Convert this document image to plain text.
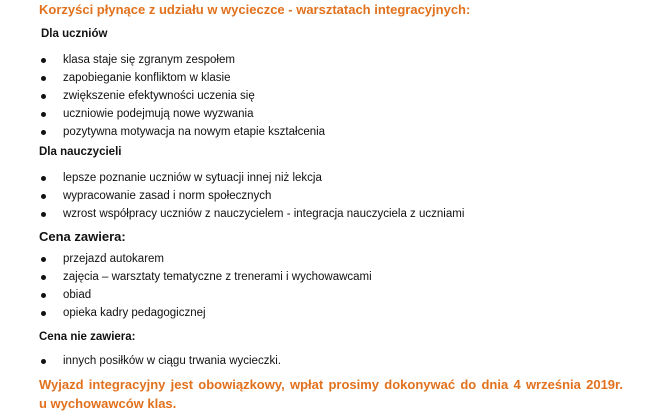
Korzyści płynące z udziału w wycieczce - warsztatach integracyjnych:
Dla uczniów
klasa staje się zgranym zespołem
zapobieganie konfliktom w klasie
zwiększenie efektywności uczenia się
uczniowie podejmują nowe wyzwania
pozytywna motywacja na nowym etapie kształcenia
Dla nauczycieli
lepsze poznanie uczniów w sytuacji innej niż lekcja
wypracowanie zasad i norm społecznych
wzrost współpracy uczniów z nauczycielem - integracja nauczyciela z uczniami
Cena zawiera:
przejazd autokarem
zajęcia – warsztaty tematyczne z trenerami i wychowawcami
obiad
opieka kadry pedagogicznej
Cena nie zawiera:
innych posiłków w ciągu trwania wycieczki.
Wyjazd integracyjny jest obowiązkowy, wpłat prosimy dokonywać do dnia 4 września 2019r.
u wychowawców klas.
